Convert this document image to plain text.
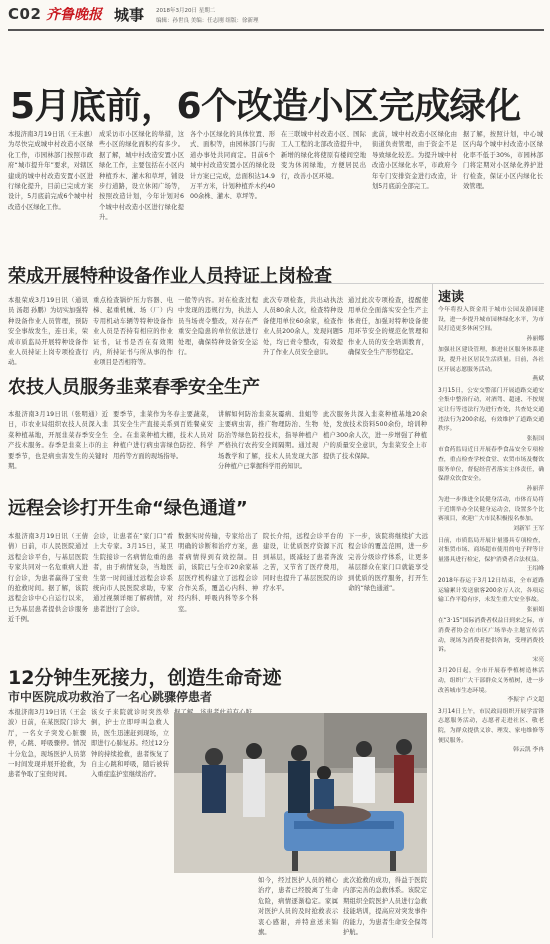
C02 齐鲁晚报 城事 2018年3月20日 星期二
编辑：孙世良 美编：任志刚 组版：徐新理
5月底前，6个改造小区完成绿化
本报济南3月19日讯（王未惠）为尽快完成城中村改造小区绿化工作，市园林部门按照市政府“城市提升年”要求，对辖区建成的城中村改造安置小区进行绿化提升，目前已完成方案设计，5月底前完成6个城中村改造小区绿化工作。
成采访市小区绿化的举措，这些小区的绿化面积约有多少。据了解，城中村改造安置小区绿化工作，主要包括在小区内种植乔木、灌木和草坪，铺设步行道路，设立休闲广场等，按照改造计划，今年计划对6个城中村改造小区进行绿化提升。
各个小区绿化的具体位置、形式、面积等，由园林部门与街道办事处共同商定。目前6个城中村改造安置小区的绿化设计方案已完成，总面积达14.9万平方米，计划种植乔木约4000余株、灌木、草坪等。
在三联城中村改造小区、国际工人工程的北部改造提升中，新增的绿化将使原有楼间空地变为休闲绿地，方便居民出行，改善小区环境。
此前，城中村改造小区绿化由街道负责管理，由于资金不足导致绿化较差。为提升城中村改造小区绿化水平，市政府今年专门安排资金进行改造，计划5月底前全部完工。
据了解，按照计划，中心城区内每个城中村改造小区绿化率不低于30%，市园林部门将定期对小区绿化养护进行检查，保证小区内绿化长效管理。
荣成开展特种设备作业人员持证上岗检查
本报荣成3月19日讯（通讯员 汤超 孙鹏）为切实加强特种设备作业人员管理，预防安全事故发生，连日来，荣成市质监局开展特种设备作业人员持证上岗专项检查行动。
重点检查锅炉压力容器、电梯、起重机械、场（厂）内专用机动车辆等特种设备作业人员是否持有相应的作业证书，证书是否在有效期内，所持证书与所从事的作业项目是否相符等。
一般等内容。对在检查过程中发现的违规行为，执法人员当场责令整改，对存在严重安全隐患的单位依法进行处理，确保特种设备安全运行。
此次专项检查，共出动执法人员80余人次，检查特种设备使用单位60余家，检查作业人员200余人，发现问题5处，均已责令整改，有效提升了作业人员安全意识。
通过此次专项检查，提醒使用单位全面落实安全生产主体责任，加强对特种设备使用环节安全的规范化管理和作业人员的安全培训教育，确保安全生产形势稳定。
农技人员服务韭菜春季安全生产
本报济南3月19日讯（张明通）近日，市农业局组织农技人员深入韭菜种植基地，开展韭菜春季安全生产技术服务。春季是韭菜上市的主要季节，也是病虫害发生的关键时期。
要季节，韭菜作为冬春主要蔬菜，其安全生产直接关系到百姓餐桌安全。在韭菜种植大棚，技术人员对种植户进行病虫害绿色防控、科学用药等方面的现场指导。
讲解如何防治韭菜灰霉病、韭蛆等主要病虫害，推广物理防治、生物防治等绿色防控技术，指导种植户严格执行农药安全间隔期。通过现场教学和了解，技术人员发现大部分种植户已掌握科学用药知识。
此次服务共深入韭菜种植基地20余处，发放技术资料500余份，培训种植户300余人次，进一步增强了种植户的质量安全意识，为韭菜安全上市提供了技术保障。
远程会诊打开生命“绿色通道”
本报济南3月19日讯（王倩倩）日前，市人民医院通过远程会诊平台，与基层医院专家共同对一名危重病人进行会诊，为患者赢得了宝贵的抢救时间。据了解，该院远程会诊中心自运行以来，已为基层患者提供会诊服务近千例。
会诊，让患者在“家门口”看上大专家。3月15日，某卫生院接诊一名病情危重的患者，由于病情复杂，当地医生第一时间通过远程会诊系统向市人民医院求助，专家通过视频详细了解病情，对患者进行了会诊。
数据实时传输，专家给出了明确的诊断和治疗方案，患者病情得到有效控制。目前，该院已与全市20余家基层医疗机构建立了远程会诊合作关系，覆盖心内科、神经内科、呼吸内科等多个科室。
院长介绍，远程会诊平台的建设，让优质医疗资源下沉到基层，既减轻了患者奔波之苦，又节省了医疗费用，同时也提升了基层医院的诊疗水平。
下一步，该院将继续扩大远程会诊的覆盖范围，进一步完善分级诊疗体系，让更多基层群众在家门口就能享受到优质的医疗服务，打开生命的“绿色通道”。
12分钟生死接力，创造生命奇迹
市中医院成功救治了一名心跳骤停患者
本报济南3月19日讯（王金波）日前，在某医院门诊大厅，一名女子突发心脏骤停，心跳、呼吸骤停。情况十分危急，现场医护人员第一时间发现并展开抢救，为患者争取了宝贵时间。
该女子来院就诊时突然晕倒，护士立即呼叫急救人员，医生迅速赶到现场，立即进行心肺复苏。经过12分钟的持续抢救，患者恢复了自主心跳和呼吸，随后被转入重症监护室继续治疗。
如今，经过医护人员的精心治疗，患者已经脱离了生命危险，病情逐渐稳定。家属对医护人员的及时抢救表示衷心感谢，并特意送来锦旗。
此次抢救的成功，得益于医院内部完善的急救体系。该院定期组织全院医护人员进行急救技能培训，提高应对突发事件的能力，为患者生命安全保驾护航。
速读
今年将投入资金用于城市公园及游园建设，进一步提升城市园林绿化水平，为市民打造更多休闲空间。
孙丽娜
加强社区建设管理，推进社区服务体系建设，提升社区居民生活质量。日前，各社区开展志愿服务活动。
燕斌
3月15日，公安交警部门开展道路交通安全集中整治行动，对酒驾、超速、不按规定让行等违法行为进行查处，共查处交通违法行为200余起，有效维护了道路交通秩序。
张振国
市食药监局近日开展春季食品安全专项检查，重点检查学校食堂、农贸市场及餐饮服务单位，督促经营者落实主体责任，确保群众饮食安全。
孙丽萍
为进一步推进全民健身活动，市体育局将于近期举办全民健身运动会，设置多个比赛项目，欢迎广大市民积极报名参加。
刘新军 王军
日前，市质监局开展计量器具专项检查，对集贸市场、商场超市使用的电子秤等计量器具进行检定，保护消费者合法权益。
王绍峰
2018年春运于3月12日结束，全市道路运输累计发送旅客200余万人次，各项运输工作平稳有序，未发生重大安全事故。
张丽娟
在“3·15”国际消费者权益日到来之际，市消费者协会在市区广场举办主题宣传活动，现场为消费者提供咨询，受理消费投诉。
宋亮
3月20日起，全市开展春季植树造林活动，组织广大干部群众义务植树，进一步改善城市生态环境。
李振宇 卢文超
3月14日上午，市民政局组织开展学雷锋志愿服务活动，志愿者走进社区、敬老院，为群众提供义诊、理发、家电维修等便民服务。
韩云凯 李冉
